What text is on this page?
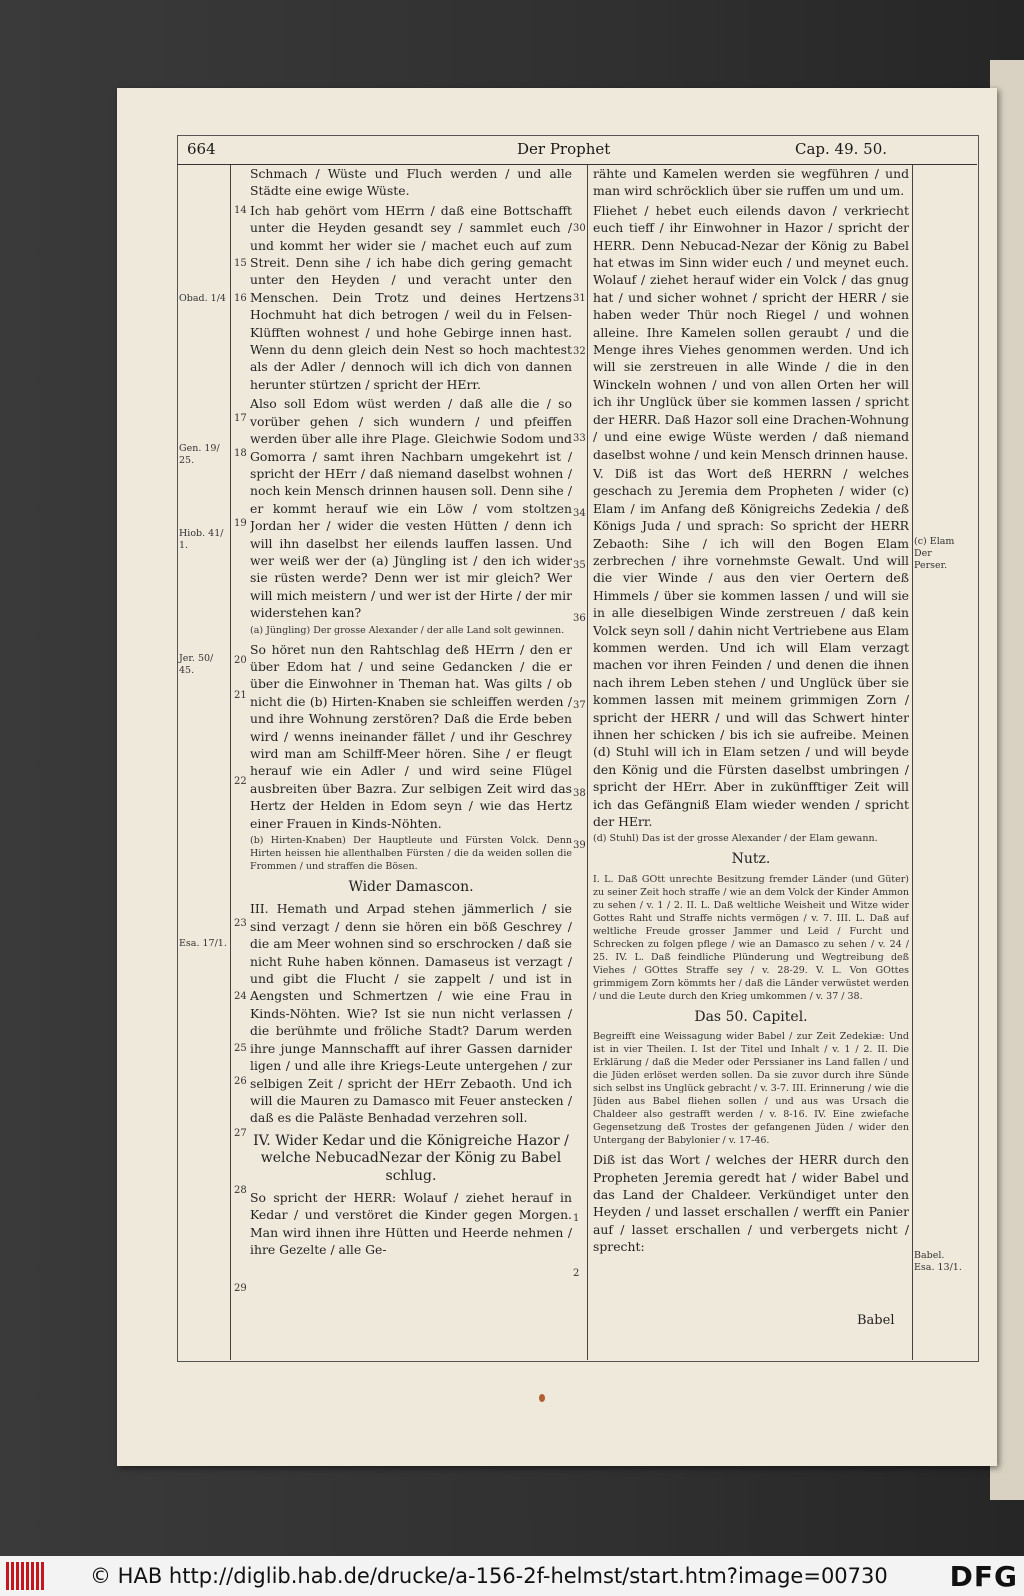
664	Der Prophet	Cap. 49. 50.
Obad. 1/4
Gen. 19/ 25.
Hiob. 41/ 1.
Jer. 50/ 45.
Esa. 17/1.
(c) Elam Der Perser.
Babel. Esa. 13/1.
14
15
16
17
18
19
20
21
22
23
24
25
26
27
28
29
30
31
32
33
34
35
36
37
38
39
1
2

Schmach / Wüste und Fluch werden / und alle Städte eine ewige Wüste.

Ich hab gehört vom HErrn / daß eine Bottschafft unter die Heyden gesandt sey / sammlet euch / und kommt her wider sie / machet euch auf zum Streit. Denn sihe / ich habe dich gering gemacht unter den Heyden / und veracht unter den Menschen. Dein Trotz und deines Hertzens Hochmuht hat dich betrogen / weil du in Felsen-Klüfften wohnest / und hohe Gebirge innen hast. Wenn du denn gleich dein Nest so hoch machtest als der Adler / dennoch will ich dich von dannen herunter stürtzen / spricht der HErr.

Also soll Edom wüst werden / daß alle die / so vorüber gehen / sich wundern / und pfeiffen werden über alle ihre Plage. Gleichwie Sodom und Gomorra / samt ihren Nachbarn umgekehrt ist / spricht der HErr / daß niemand daselbst wohnen / noch kein Mensch drinnen hausen soll. Denn sihe / er kommt herauf wie ein Löw / vom stoltzen Jordan her / wider die vesten Hütten / denn ich will ihn daselbst her eilends lauffen lassen. Und wer weiß wer der (a) Jüngling ist / den ich wider sie rüsten werde? Denn wer ist mir gleich? Wer will mich meistern / und wer ist der Hirte / der mir widerstehen kan?

(a) Jüngling) Der grosse Alexander / der alle Land solt gewinnen.

So höret nun den Rahtschlag deß HErrn / den er über Edom hat / und seine Gedancken / die er über die Einwohner in Theman hat. Was gilts / ob nicht die (b) Hirten-Knaben sie schleiffen werden / und ihre Wohnung zerstören? Daß die Erde beben wird / wenns ineinander fället / und ihr Geschrey wird man am Schilff-Meer hören. Sihe / er fleugt herauf wie ein Adler / und wird seine Flügel ausbreiten über Bazra. Zur selbigen Zeit wird das Hertz der Helden in Edom seyn / wie das Hertz einer Frauen in Kinds-Nöhten.

(b) Hirten-Knaben) Der Hauptleute und Fürsten Volck. Denn Hirten heissen hie allenthalben Fürsten / die da weiden sollen die Frommen / und straffen die Bösen.

Wider Damascon.

III. Hemath und Arpad stehen jämmerlich / sie sind verzagt / denn sie hören ein böß Geschrey / die am Meer wohnen sind so erschrocken / daß sie nicht Ruhe haben können. Damaseus ist verzagt / und gibt die Flucht / sie zappelt / und ist in Aengsten und Schmertzen / wie eine Frau in Kinds-Nöhten. Wie? Ist sie nun nicht verlassen / die berühmte und fröliche Stadt? Darum werden ihre junge Mannschafft auf ihrer Gassen darnider ligen / und alle ihre Kriegs-Leute untergehen / zur selbigen Zeit / spricht der HErr Zebaoth. Und ich will die Mauren zu Damasco mit Feuer anstecken / daß es die Paläste Benhadad verzehren soll.

IV. Wider Kedar und die Königreiche Hazor / welche NebucadNezar der König zu Babel schlug.

So spricht der HERR: Wolauf / ziehet herauf in Kedar / und verstöret die Kinder gegen Morgen. Man wird ihnen ihre Hütten und Heerde nehmen / ihre Gezelte / alle Ge-

rähte und Kamelen werden sie wegführen / und man wird schröcklich über sie ruffen um und um.

Fliehet / hebet euch eilends davon / verkriecht euch tieff / ihr Einwohner in Hazor / spricht der HERR. Denn Nebucad-Nezar der König zu Babel hat etwas im Sinn wider euch / und meynet euch. Wolauf / ziehet herauf wider ein Volck / das gnug hat / und sicher wohnet / spricht der HERR / sie haben weder Thür noch Riegel / und wohnen alleine. Ihre Kamelen sollen geraubt / und die Menge ihres Viehes genommen werden. Und ich will sie zerstreuen in alle Winde / die in den Winckeln wohnen / und von allen Orten her will ich ihr Unglück über sie kommen lassen / spricht der HERR. Daß Hazor soll eine Drachen-Wohnung / und eine ewige Wüste werden / daß niemand daselbst wohne / und kein Mensch drinnen hause.

V. Diß ist das Wort deß HERRN / welches geschach zu Jeremia dem Propheten / wider (c) Elam / im Anfang deß Königreichs Zedekia / deß Königs Juda / und sprach: So spricht der HERR Zebaoth: Sihe / ich will den Bogen Elam zerbrechen / ihre vornehmste Gewalt. Und will die vier Winde / aus den vier Oertern deß Himmels / über sie kommen lassen / und will sie in alle dieselbigen Winde zerstreuen / daß kein Volck seyn soll / dahin nicht Vertriebene aus Elam kommen werden. Und ich will Elam verzagt machen vor ihren Feinden / und denen die ihnen nach ihrem Leben stehen / und Unglück über sie kommen lassen mit meinem grimmigen Zorn / spricht der HERR / und will das Schwert hinter ihnen her schicken / bis ich sie aufreibe. Meinen (d) Stuhl will ich in Elam setzen / und will beyde den König und die Fürsten daselbst umbringen / spricht der HErr. Aber in zukünfftiger Zeit will ich das Gefängniß Elam wieder wenden / spricht der HErr.

(d) Stuhl) Das ist der grosse Alexander / der Elam gewann.

Nutz.

I. L. Daß GOtt unrechte Besitzung fremder Länder (und Güter) zu seiner Zeit hoch straffe / wie an dem Volck der Kinder Ammon zu sehen / v. 1 / 2. II. L. Daß weltliche Weisheit und Witze wider Gottes Raht und Straffe nichts vermögen / v. 7. III. L. Daß auf weltliche Freude grosser Jammer und Leid / Furcht und Schrecken zu folgen pflege / wie an Damasco zu sehen / v. 24 / 25. IV. L. Daß feindliche Plünderung und Wegtreibung deß Viehes / GOttes Straffe sey / v. 28-29. V. L. Von GOttes grimmigem Zorn kömmts her / daß die Länder verwüstet werden / und die Leute durch den Krieg umkommen / v. 37 / 38.

Das 50. Capitel.

Begreifft eine Weissagung wider Babel / zur Zeit Zedekiæ: Und ist in vier Theilen. I. Ist der Titel und Inhalt / v. 1 / 2. II. Die Erklärung / daß die Meder oder Perssianer ins Land fallen / und die Jüden erlöset werden sollen. Da sie zuvor durch ihre Sünde sich selbst ins Unglück gebracht / v. 3-7. III. Erinnerung / wie die Jüden aus Babel fliehen sollen / und aus was Ursach die Chaldeer also gestrafft werden / v. 8-16. IV. Eine zwiefache Gegensetzung deß Trostes der gefangenen Jüden / wider den Untergang der Babylonier / v. 17-46.

Diß ist das Wort / welches der HERR durch den Propheten Jeremia geredt hat / wider Babel und das Land der Chaldeer. Verkündiget unter den Heyden / und lasset erschallen / werfft ein Panier auf / lasset erschallen / und verbergets nicht / sprecht:

Babel
© HAB http://diglib.hab.de/drucke/a-156-2f-helmst/start.htm?image=00730 DFG
